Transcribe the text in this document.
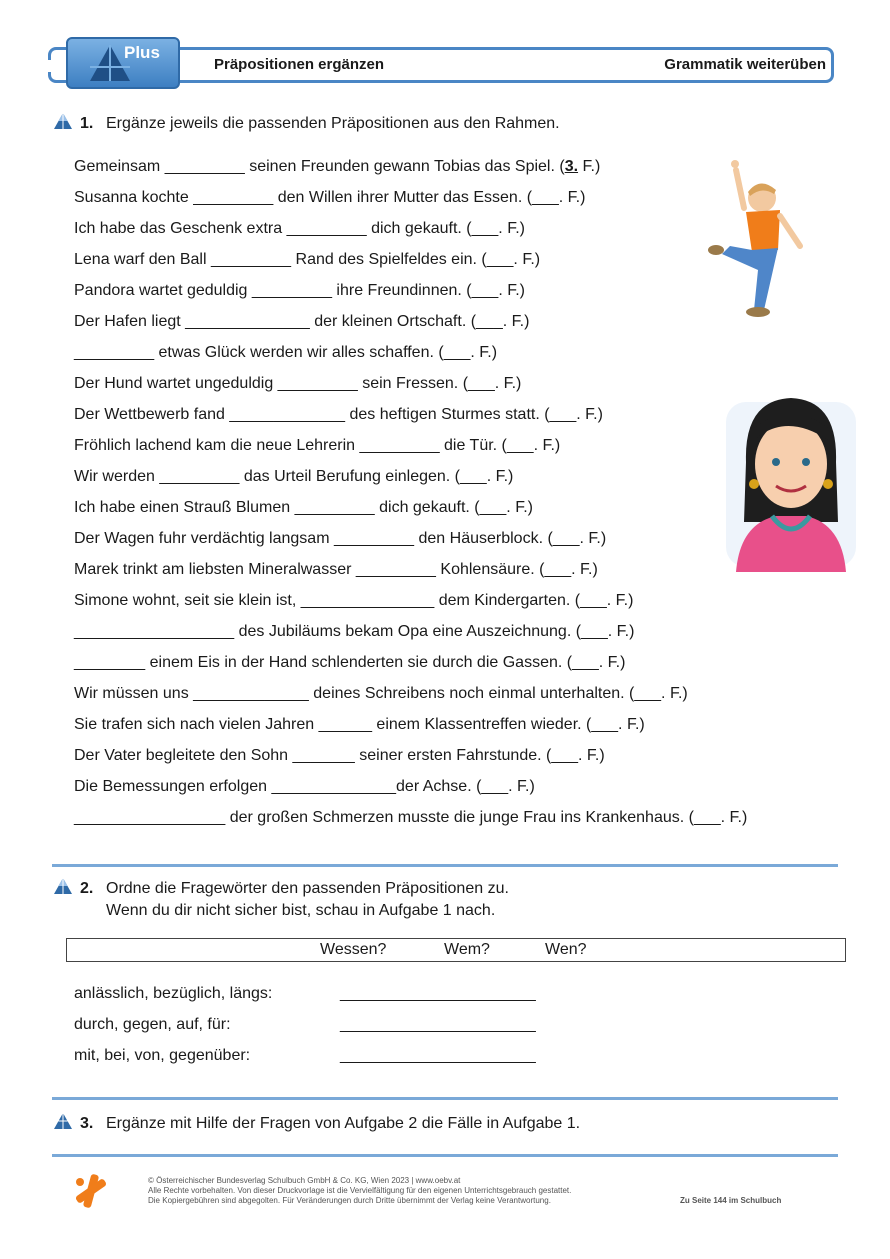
Plus
Präpositionen ergänzen	Grammatik weiterüben
1. Ergänze jeweils die passenden Präpositionen aus den Rahmen.
Gemeinsam _________ seinen Freunden gewann Tobias das Spiel. (3. F.)
Susanna kochte _________ den Willen ihrer Mutter das Essen. (___. F.)
Ich habe das Geschenk extra _________ dich gekauft. (___. F.)
Lena warf den Ball _________ Rand des Spielfeldes ein. (___. F.)
Pandora wartet geduldig _________ ihre Freundinnen. (___. F.)
Der Hafen liegt ______________ der kleinen Ortschaft. (___. F.)
_________ etwas Glück werden wir alles schaffen. (___. F.)
Der Hund wartet ungeduldig _________ sein Fressen. (___. F.)
Der Wettbewerb fand _____________ des heftigen Sturmes statt. (___. F.)
Fröhlich lachend kam die neue Lehrerin _________ die Tür. (___. F.)
Wir werden _________ das Urteil Berufung einlegen. (___. F.)
Ich habe einen Strauß Blumen _________ dich gekauft. (___. F.)
Der Wagen fuhr verdächtig langsam _________ den Häuserblock. (___. F.)
Marek trinkt am liebsten Mineralwasser _________ Kohlensäure. (___. F.)
Simone wohnt, seit sie klein ist, _______________ dem Kindergarten. (___. F.)
__________________ des Jubiläums bekam Opa eine Auszeichnung. (___. F.)
________ einem Eis in der Hand schlenderten sie durch die Gassen. (___. F.)
Wir müssen uns _____________ deines Schreibens noch einmal unterhalten. (___. F.)
Sie trafen sich nach vielen Jahren ______ einem Klassentreffen wieder. (___. F.)
Der Vater begleitete den Sohn _______ seiner ersten Fahrstunde. (___. F.)
Die Bemessungen erfolgen ______________der Achse. (___. F.)
_________________ der großen Schmerzen musste die junge Frau ins Krankenhaus. (___. F.)
2. Ordne die Fragewörter den passenden Präpositionen zu.
Wenn du dir nicht sicher bist, schau in Aufgabe 1 nach.
Wessen?	Wem?	Wen?
anlässlich, bezüglich, längs:	______________________
durch, gegen, auf, für:	______________________
mit, bei, von, gegenüber:	______________________
3. Ergänze mit Hilfe der Fragen von Aufgabe 2 die Fälle in Aufgabe 1.
© Österreichischer Bundesverlag Schulbuch GmbH & Co. KG, Wien 2023 | www.oebv.at
Alle Rechte vorbehalten. Von dieser Druckvorlage ist die Vervielfältigung für den eigenen Unterrichtsgebrauch gestattet.
Die Kopiergebühren sind abgegolten. Für Veränderungen durch Dritte übernimmt der Verlag keine Verantwortung.	Zu Seite 144 im Schulbuch
